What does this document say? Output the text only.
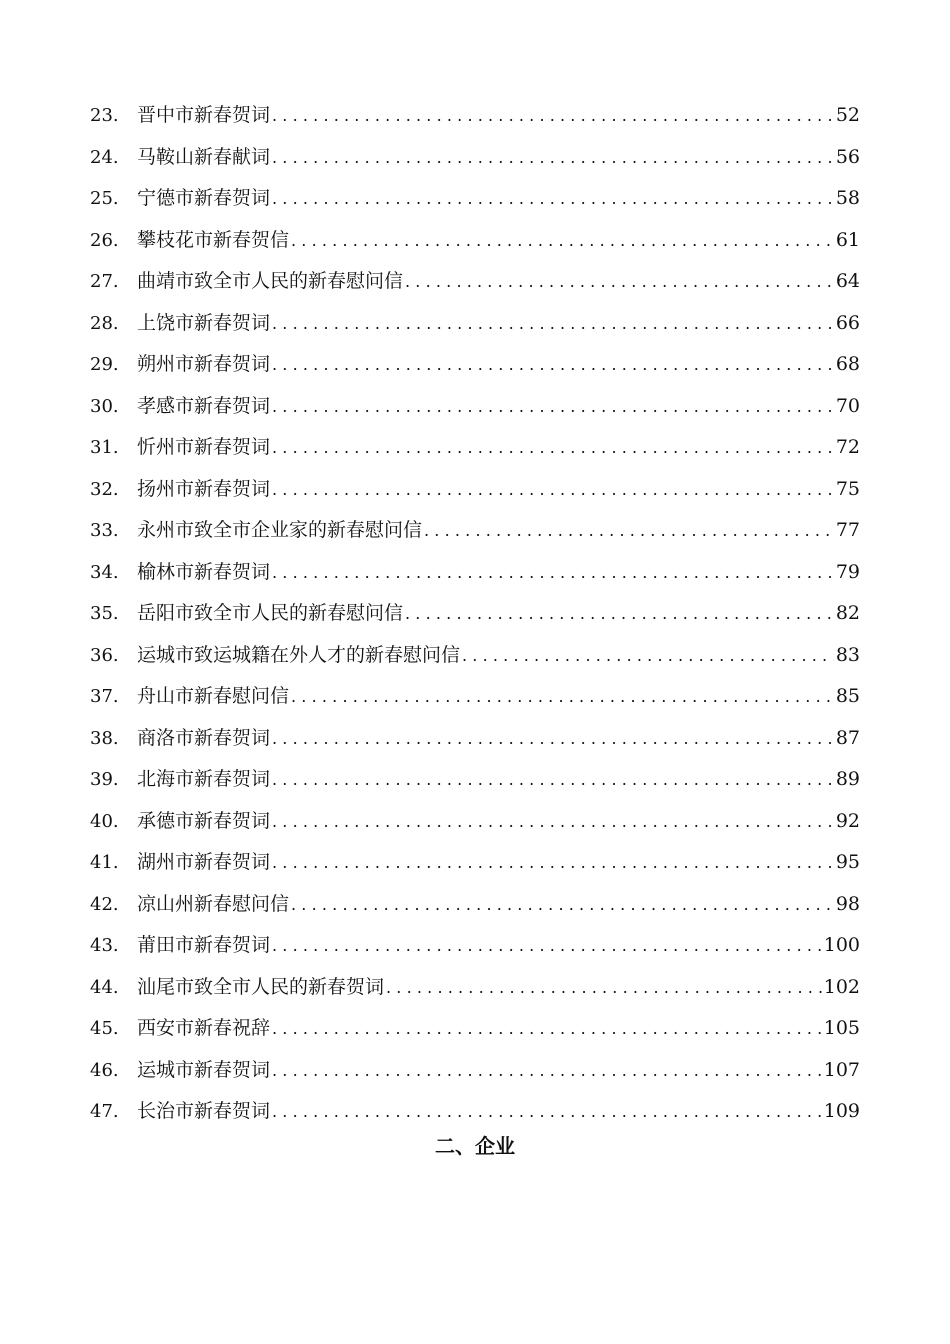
23. 晋中市新春贺词 .....	52
24. 马鞍山新春献词 .....	56
25. 宁德市新春贺词 .....	58
26. 攀枝花市新春贺信 .....	61
27. 曲靖市致全市人民的新春慰问信 .....	64
28. 上饶市新春贺词 .....	66
29. 朔州市新春贺词 .....	68
30. 孝感市新春贺词 .....	70
31. 忻州市新春贺词 .....	72
32. 扬州市新春贺词 .....	75
33. 永州市致全市企业家的新春慰问信 .....	77
34. 榆林市新春贺词 .....	79
35. 岳阳市致全市人民的新春慰问信 .....	82
36. 运城市致运城籍在外人才的新春慰问信 .....	83
37. 舟山市新春慰问信 .....	85
38. 商洛市新春贺词 .....	87
39. 北海市新春贺词 .....	89
40. 承德市新春贺词 .....	92
41. 湖州市新春贺词 .....	95
42. 凉山州新春慰问信 .....	98
43. 莆田市新春贺词 .....	100
44. 汕尾市致全市人民的新春贺词 .....	102
45. 西安市新春祝辞 .....	105
46. 运城市新春贺词 .....	107
47. 长治市新春贺词 .....	109
二、企业
